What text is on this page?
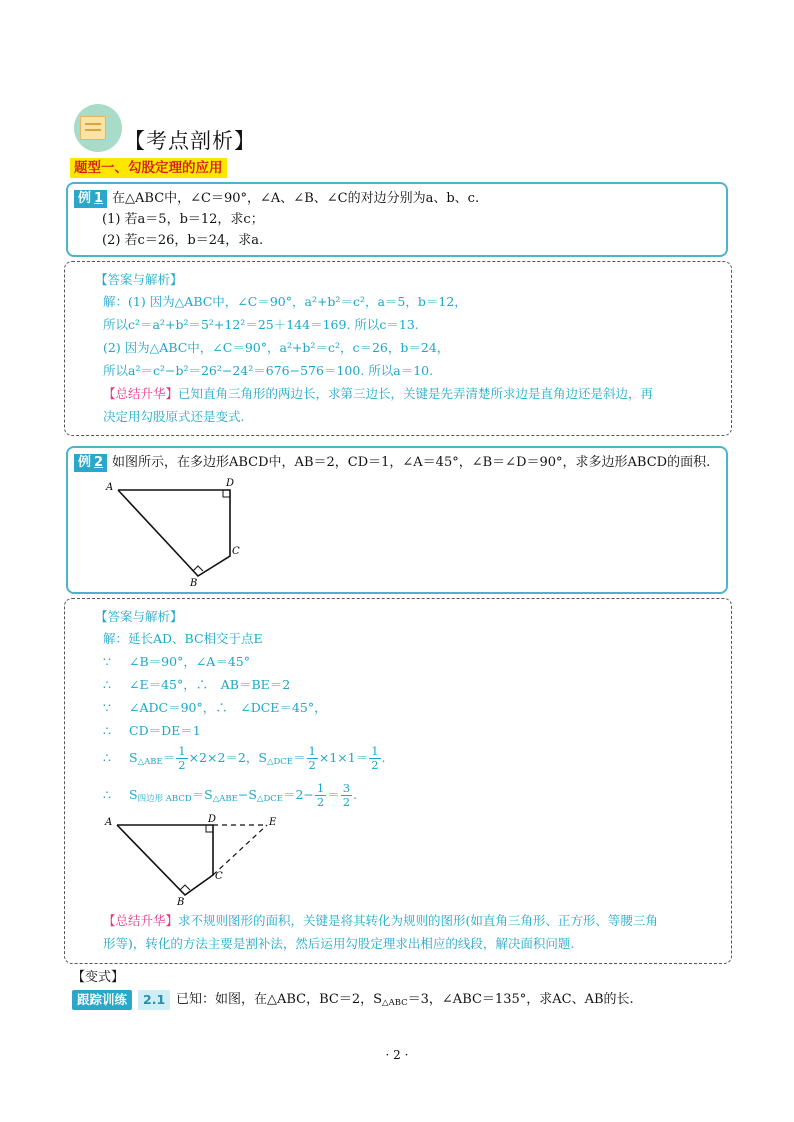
【考点剖析】
题型一、勾股定理的应用
例 1 在△ABC中，∠C＝90°，∠A、∠B、∠C的对边分别为a、b、c.
(1) 若a＝5，b＝12，求c；
(2) 若c＝26，b＝24，求a.
【答案与解析】
解：(1) 因为△ABC中，∠C＝90°，a²+b²＝c²，a＝5，b＝12，
所以c²＝a²+b²＝5²+12²＝25＋144＝169. 所以c＝13.
(2) 因为△ABC中，∠C＝90°，a²+b²＝c²，c＝26，b＝24，
所以a²＝c²−b²＝26²−24²＝676−576＝100. 所以a＝10.
【总结升华】已知直角三角形的两边长，求第三边长，关键是先弄清楚所求边是直角边还是斜边，再
决定用勾股原式还是变式.
例 2 如图所示，在多边形ABCD中，AB＝2，CD＝1，∠A＝45°，∠B＝∠D＝90°，求多边形ABCD的面积.
A	D
C
B
【答案与解析】
解：延长AD、BC相交于点E
∵ ∠B＝90°，∠A＝45°
∴ ∠E＝45°，∴　AB＝BE＝2
∵ ∠ADC＝90°，∴　∠DCE＝45°，
∴ CD＝DE＝1
∴ $S_{\triangle ABE}= \frac{1}{2} \times 2\times 2=2$，$S_{\triangle DCE}= \frac{1}{2} \times 1\times 1= \frac{1}{2}$ .
∴ $S_{四边形 ABCD}=S_{\triangle ABE}-S_{\triangle DCE}=2- \frac{1}{2} = \frac{3}{2}$ .
A	D	E
C
B
【总结升华】求不规则图形的面积，关键是将其转化为规则的图形(如直角三角形、正方形、等腰三角
形等)，转化的方法主要是割补法，然后运用勾股定理求出相应的线段，解决面积问题.
【变式】
跟踪训练	2.1 已知：如图，在△ABC，BC＝2，$S_{\triangle ABC}=3$，∠ABC＝135°，求AC、AB的长.
· 2 ·
